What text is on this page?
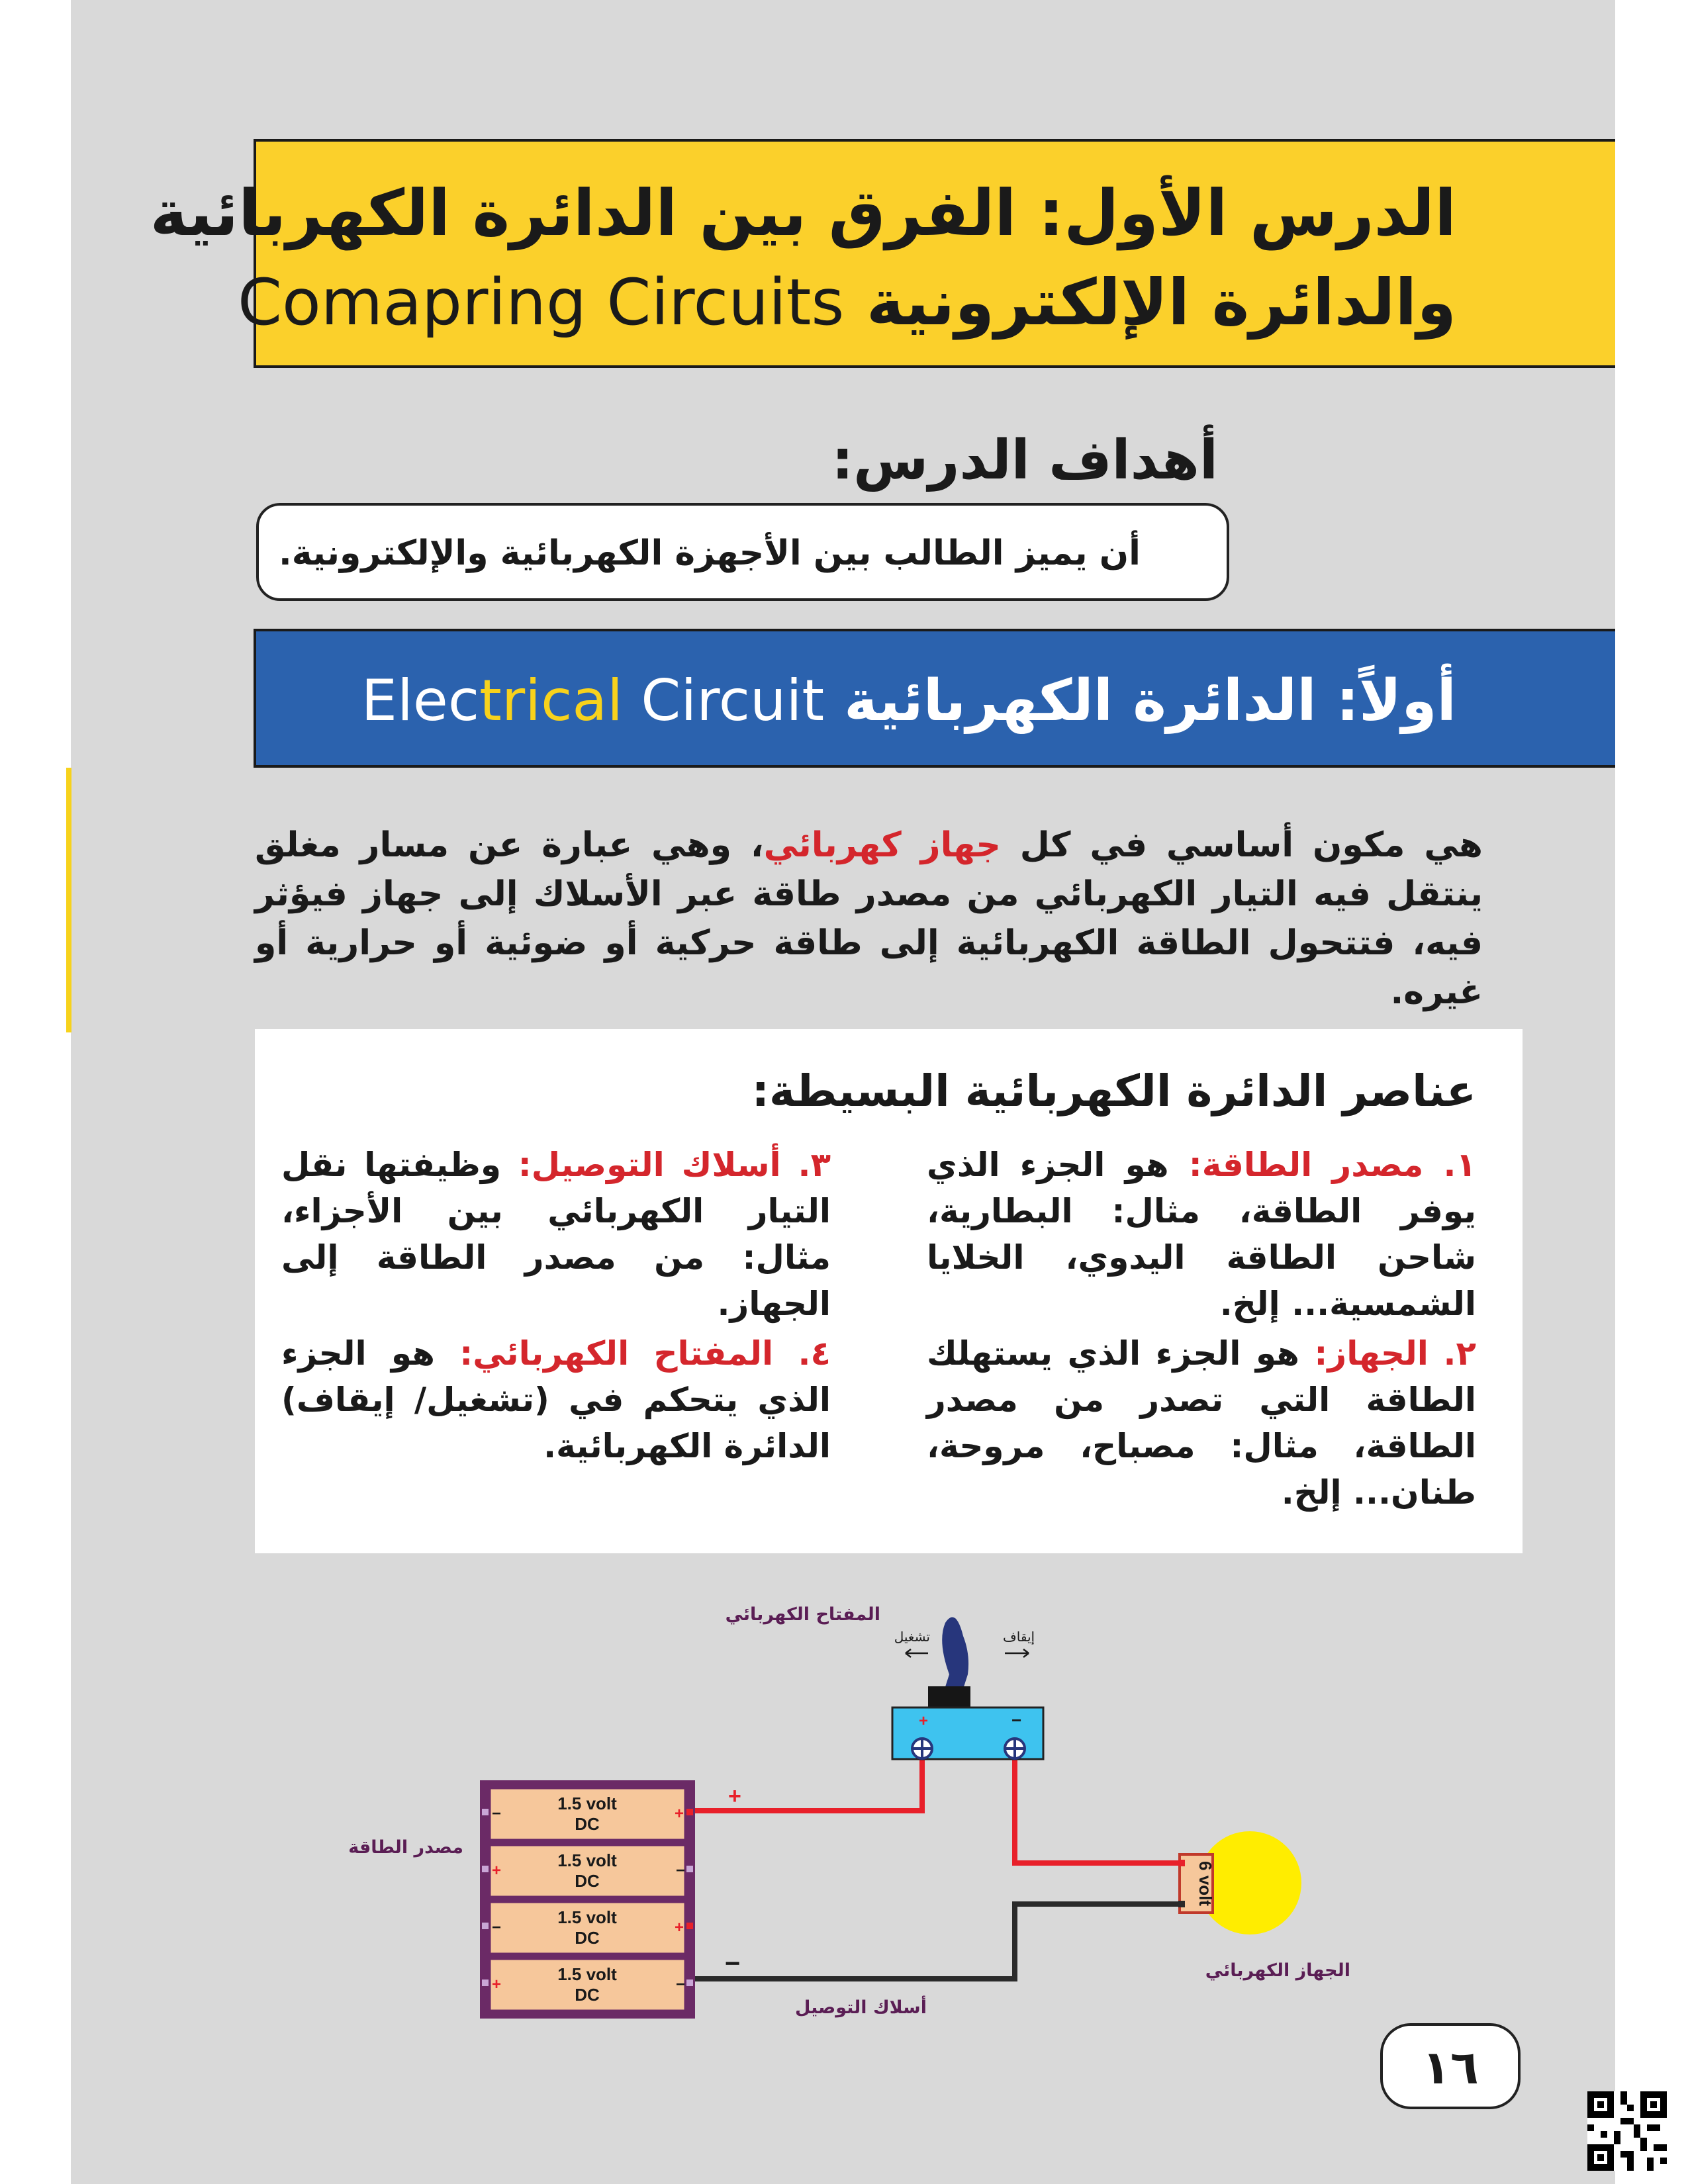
الدرس الأول: الفرق بين الدائرة الكهربائية
والدائرة الإلكترونية Comapring Circuits
أهداف الدرس:
أن يميز الطالب بين الأجهزة الكهربائية والإلكترونية.
أولاً: الدائرة الكهربائية Electrical Circuit
هي مكون أساسي في كل جهاز كهربائي، وهي عبارة عن مسار مغلق ينتقل فيه التيار الكهربائي من مصدر طاقة عبر الأسلاك إلى جهاز فيؤثر فيه، فتتحول الطاقة الكهربائية إلى طاقة حركية أو ضوئية أو حرارية أو غيره.
عناصر الدائرة الكهربائية البسيطة:
١. مصدر الطاقة: هو الجزء الذي يوفر الطاقة، مثال: البطارية، شاحن الطاقة اليدوي، الخلايا الشمسية... إلخ.
٢. الجهاز: هو الجزء الذي يستهلك الطاقة التي تصدر من مصدر الطاقة، مثال: مصباح، مروحة، طنان... إلخ.
٣. أسلاك التوصيل: وظيفتها نقل التيار الكهربائي بين الأجزاء، مثال: من مصدر الطاقة إلى الجهاز.
٤. المفتاح الكهربائي: هو الجزء الذي يتحكم في (تشغيل/ إيقاف) الدائرة الكهربائية.
1.5 volt
DC
1.5 volt
DC
1.5 volt
DC
1.5 volt
DC
−	+
+	−
−	+
+	−
+
−
+	−
تشغيل	إيقاف
6 volt
المفتاح الكهربائي
مصدر الطاقة
الجهاز الكهربائي
أسلاك التوصيل
١٦
